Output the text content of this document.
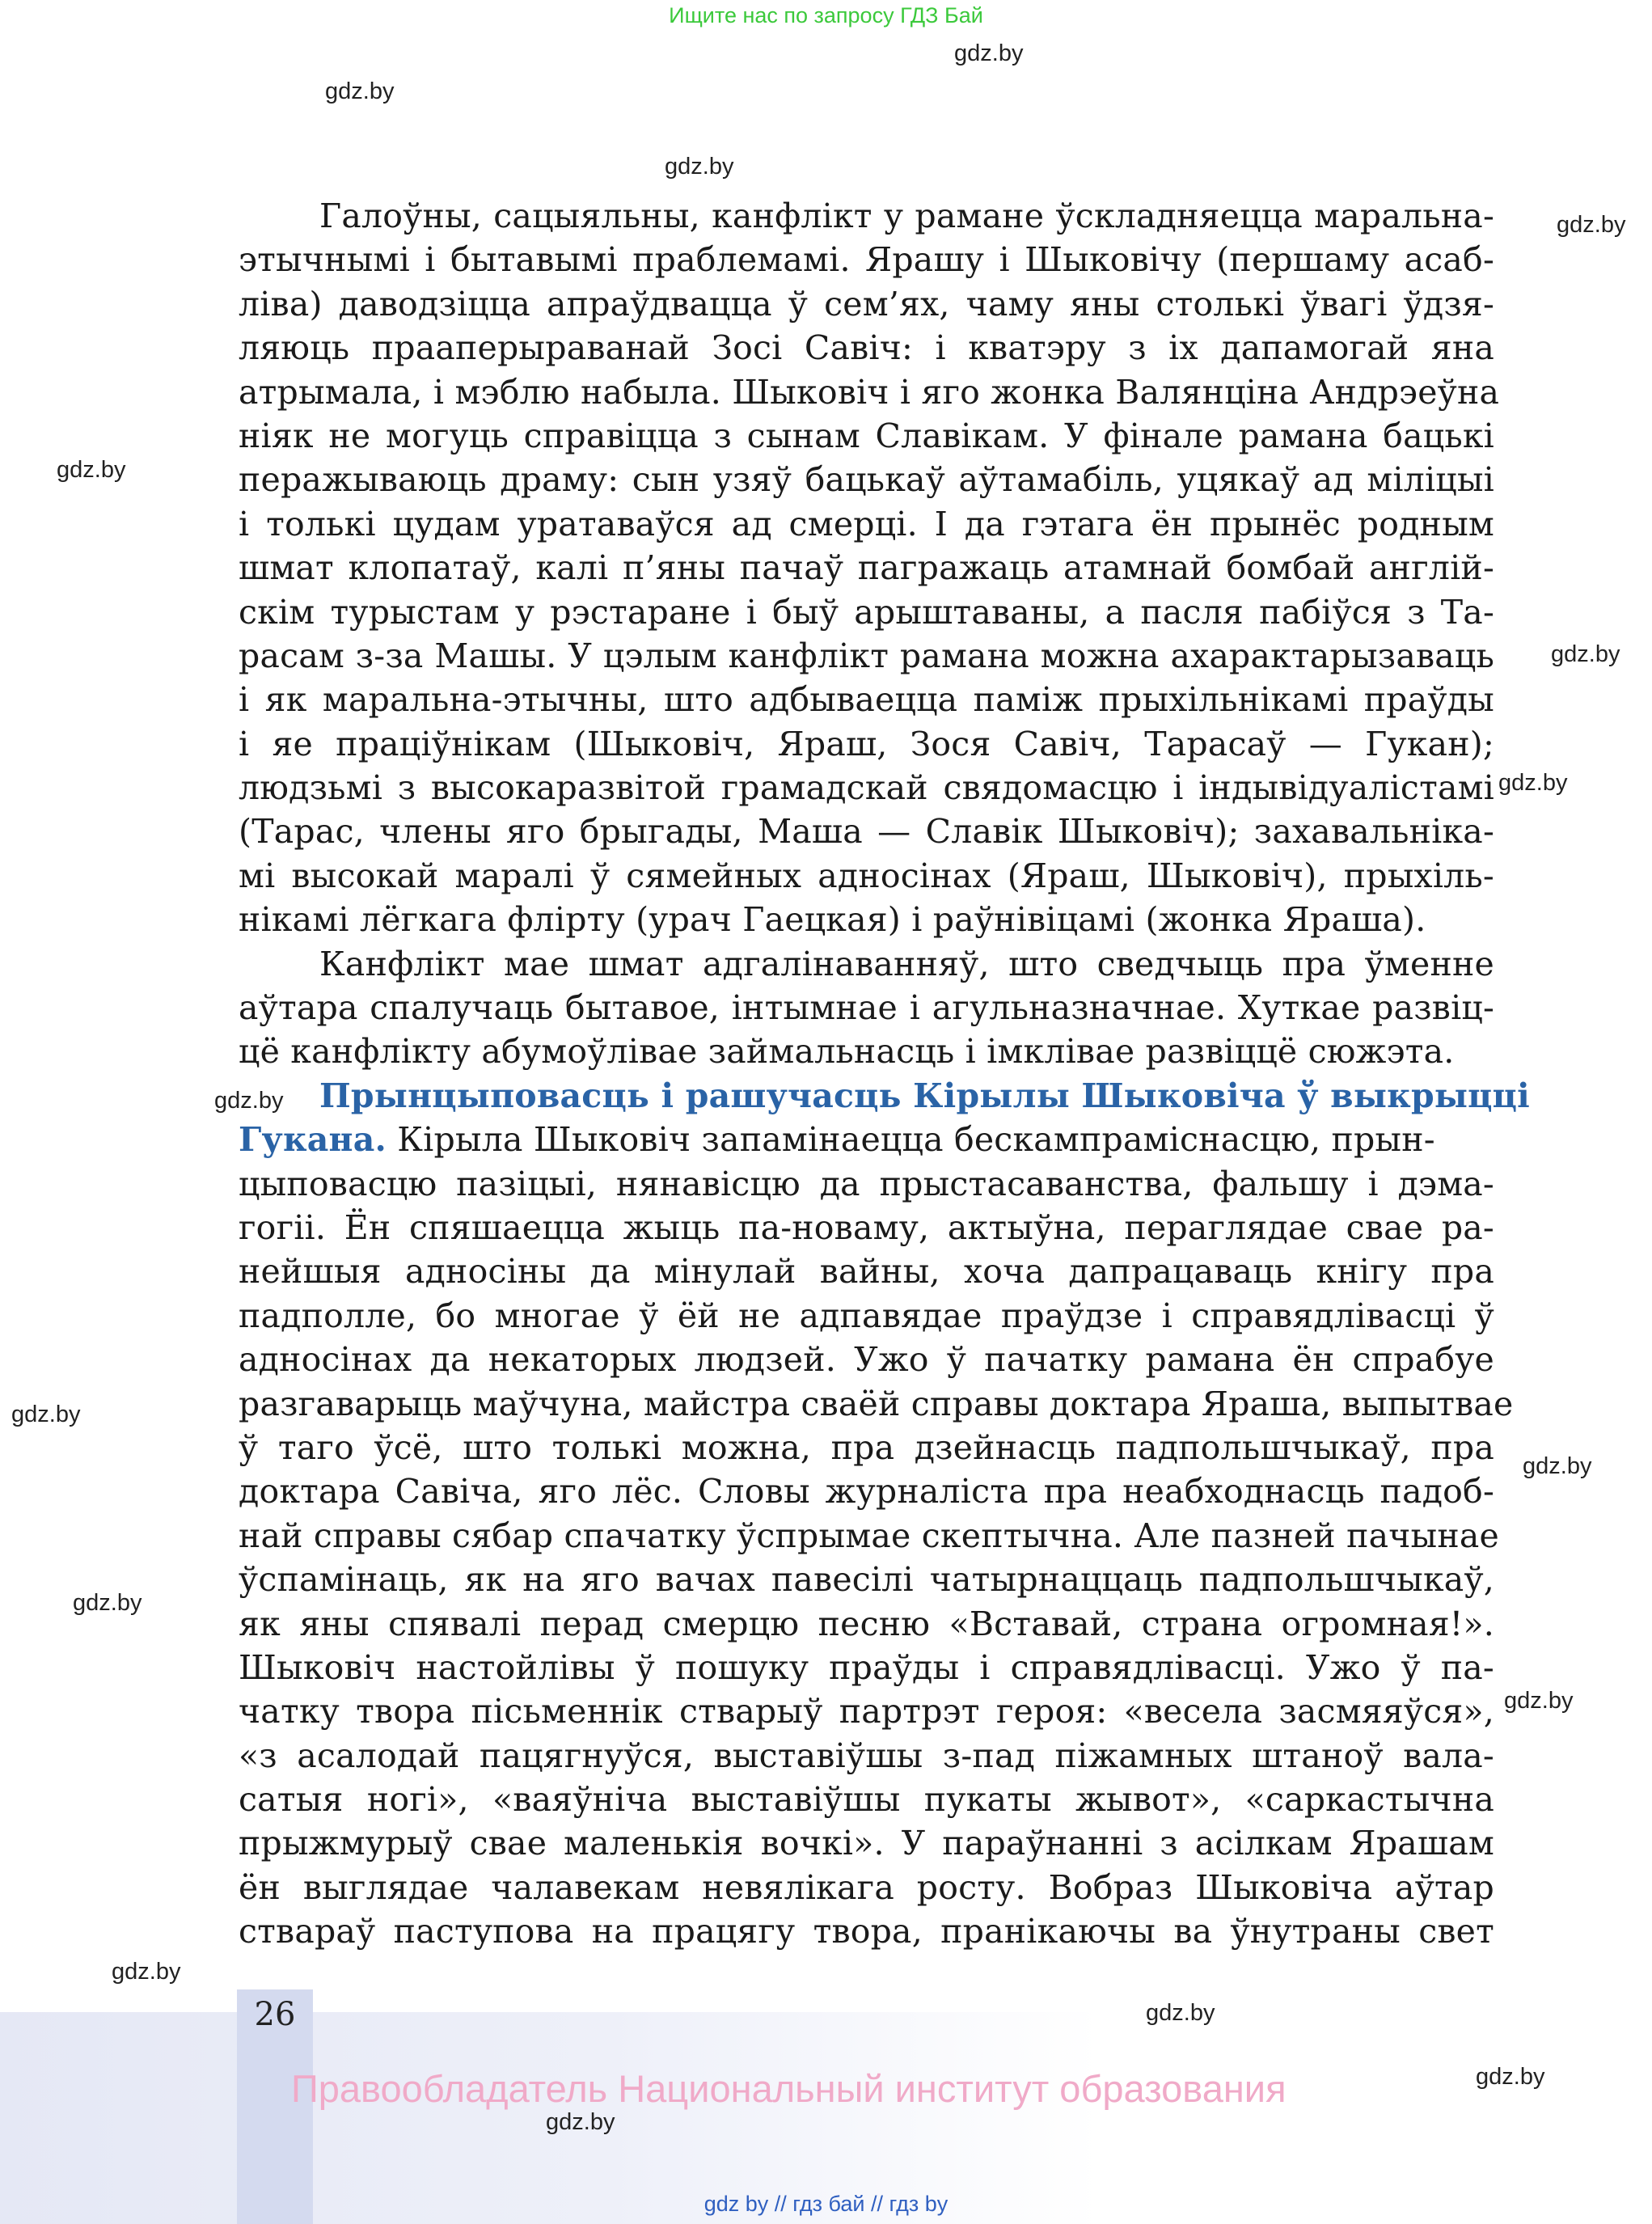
Ищите нас по запросу ГДЗ Бай
gdz.by
gdz.by
gdz.by
gdz.by
gdz.by
gdz.by
gdz.by
gdz.by
gdz.by
gdz.by
gdz.by
gdz.by
gdz.by
26	gdz.by
gdz.by
Правообладатель Национальный институт образования
gdz.by
gdz by // гдз бай // гдз by
Галоўны, сацыяльны, канфлікт у рамане ўскладняецца маральна-
этычнымі і бытавымі праблемамі. Ярашу і Шыковічу (першаму асаб-
ліва) даводзіцца апраўдвацца ў сем’ях, чаму яны столькі ўвагі ўдзя-
ляюць прааперыраванай Зосі Савіч: і кватэру з іх дапамогай яна
атрымала, і мэблю набыла. Шыковіч і яго жонка Валянціна Андрэеўна
ніяк не могуць справіцца з сынам Славікам. У фінале рамана бацькі
перажываюць драму: сын узяў бацькаў аўтамабіль, уцякаў ад міліцыі
і толькі цудам уратаваўся ад смерці. І да гэтага ён прынёс родным
шмат клопатаў, калі п’яны пачаў пагражаць атамнай бомбай англій-
скім турыстам у рэстаране і быў арыштаваны, а пасля пабіўся з Та-
расам з-за Машы. У цэлым канфлікт рамана можна ахарактарызаваць
і як маральна-этычны, што адбываецца паміж прыхільнікамі праўды
і яе праціўнікам (Шыковіч, Яраш, Зося Савіч, Тарасаў — Гукан);
людзьмі з высокаразвітой грамадскай свядомасцю і індывідуалістамі
(Тарас, члены яго брыгады, Маша — Славік Шыковіч); захавальніка-
мі высокай маралі ў сямейных адносінах (Яраш, Шыковіч), прыхіль-
нікамі лёгкага флірту (урач Гаецкая) і раўнівіцамі (жонка Яраша).
Канфлікт мае шмат адгалінаванняў, што сведчыць пра ўменне
аўтара спалучаць бытавое, інтымнае і агульназначнае. Хуткае развіц-
цё канфлікту абумоўлівае займальнасць і імклівае развіццё сюжэта.
Прынцыповасць і рашучасць Кірылы Шыковіча ў выкрыцці
Гукана. Кірыла Шыковіч запамінаецца бескампраміснасцю, прын-
цыповасцю пазіцыі, нянавісцю да прыстасаванства, фальшу і дэма-
гогіі. Ён спяшаецца жыць па-новаму, актыўна, пераглядае свае ра-
нейшыя адносіны да мінулай вайны, хоча дапрацаваць кнігу пра
падполле, бо многае ў ёй не адпавядае праўдзе і справядлівасці ў
адносінах да некаторых людзей. Ужо ў пачатку рамана ён спрабуе
разгаварыць маўчуна, майстра сваёй справы доктара Яраша, выпытвае
ў таго ўсё, што толькі можна, пра дзейнасць падпольшчыкаў, пра
доктара Савіча, яго лёс. Словы журналіста пра неабходнасць падоб-
най справы сябар спачатку ўспрымае скептычна. Але пазней пачынае
ўспамінаць, як на яго вачах павесілі чатырнаццаць падпольшчыкаў,
як яны спявалі перад смерцю песню «Вставай, страна огромная!».
Шыковіч настойлівы ў пошуку праўды і справядлівасці. Ужо ў па-
чатку твора пісьменнік стварыў партрэт героя: «весела засмяяўся»,
«з асалодай пацягнуўся, выставіўшы з-пад піжамных штаноў вала-
сатыя ногі», «ваяўніча выставіўшы пукаты жывот», «саркастычна
прыжмурыў свае маленькія вочкі». У параўнанні з асілкам Ярашам
ён выглядае чалавекам невялікага росту. Вобраз Шыковіча аўтар
ствараў паступова на працягу твора, пранікаючы ва ўнутраны свет
